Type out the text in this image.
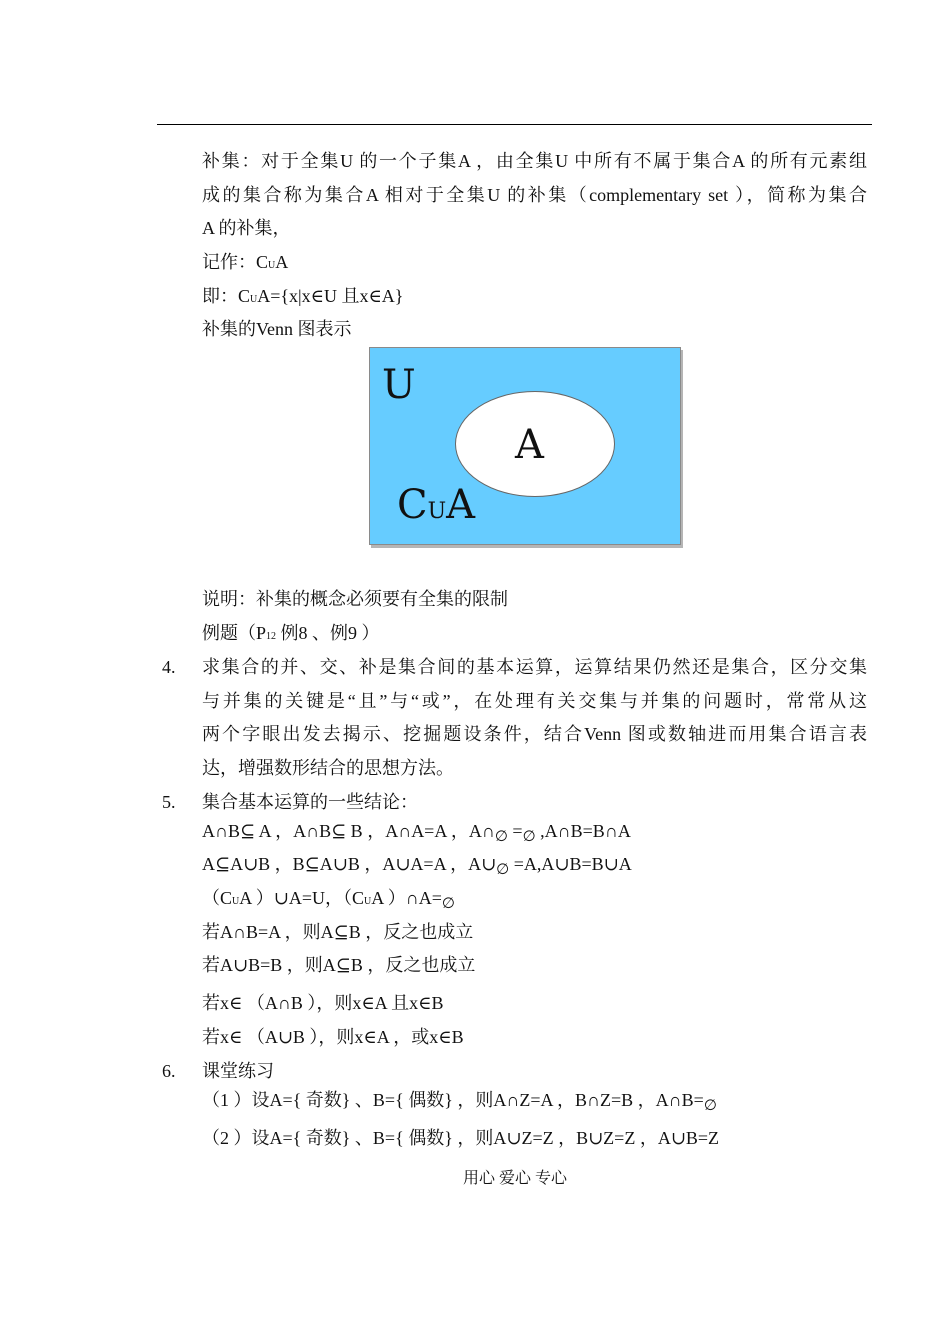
补集：对于全集U 的一个子集A ，由全集U 中所有不属于集合A 的所有元素组
成的集合称为集合A 相对于全集U 的补集（complementary set ），简称为集合
A 的补集，
记作：CUA
即：CUA={x|x∈U 且x∈A}
补集的Venn 图表示
U
A
CUA
说明：补集的概念必须要有全集的限制
例题（P12 例8 、例9 ）
4. 求集合的并、交、补是集合间的基本运算，运算结果仍然还是集合，区分交集
与并集的关键是“且”与“或”，在处理有关交集与并集的问题时，常常从这
两个字眼出发去揭示、挖掘题设条件，结合Venn 图或数轴进而用集合语言表
达，增强数形结合的思想方法。
5. 集合基本运算的一些结论：
A∩B⊆ A ，A∩B⊆ B ，A∩A=A ，$A\cap_\emptyset =_\emptyset$ ,A∩B=B∩A
A⊆A∪B ，B⊆A∪B ，A∪A=A ，$A\cup_\emptyset$ =A,A∪B=B∪A
（CUA ）∪A=U，（CUA ）$\cap A=_\emptyset$
若A∩B=A ，则A⊆B ，反之也成立
若A∪B=B ，则A⊆B ，反之也成立
若x∈ （A∩B ），则x∈A 且x∈B
若x∈ （A∪B ），则x∈A ，或x∈B
6. 课堂练习
（1 ）设A={ 奇数} 、B={ 偶数} ，则A∩Z=A ，B∩Z=B ，$A\cap B=_\emptyset$
（2 ）设A={ 奇数} 、B={ 偶数} ，则A∪Z=Z ，B∪Z=Z ，A∪B=Z
用心 爱心 专心
